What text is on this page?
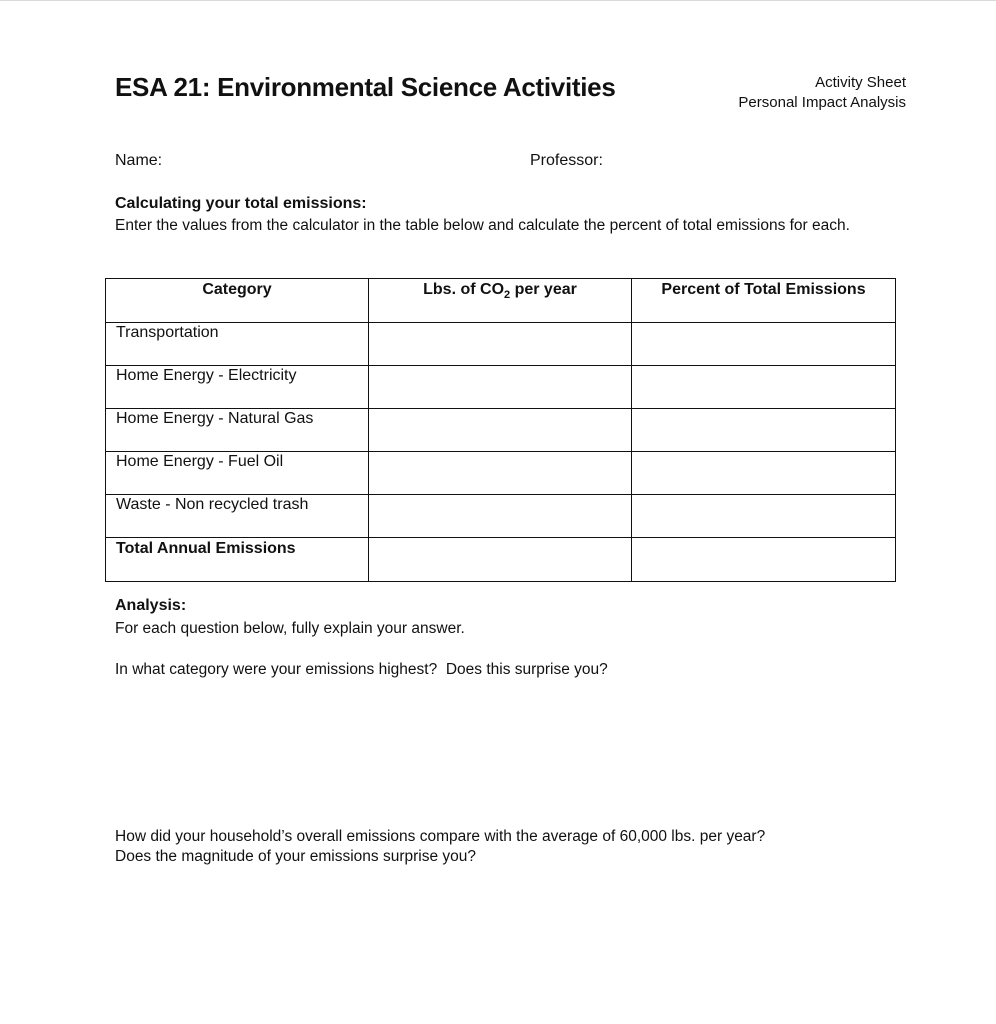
ESA 21: Environmental Science Activities	Activity Sheet
Personal Impact Analysis
Name:	Professor:
Calculating your total emissions:
Enter the values from the calculator in the table below and calculate the percent of total emissions for each.
Category	Lbs. of $CO_2$ per year	Percent of Total Emissions
Transportation	

Home Energy - Electricity	

Home Energy - Natural Gas	

Home Energy - Fuel Oil	

Waste - Non recycled trash	

Total Annual Emissions	

Analysis:
For each question below, fully explain your answer.
In what category were your emissions highest?  Does this surprise you?
How did your household’s overall emissions compare with the average of 60,000 lbs. per year?
Does the magnitude of your emissions surprise you?
